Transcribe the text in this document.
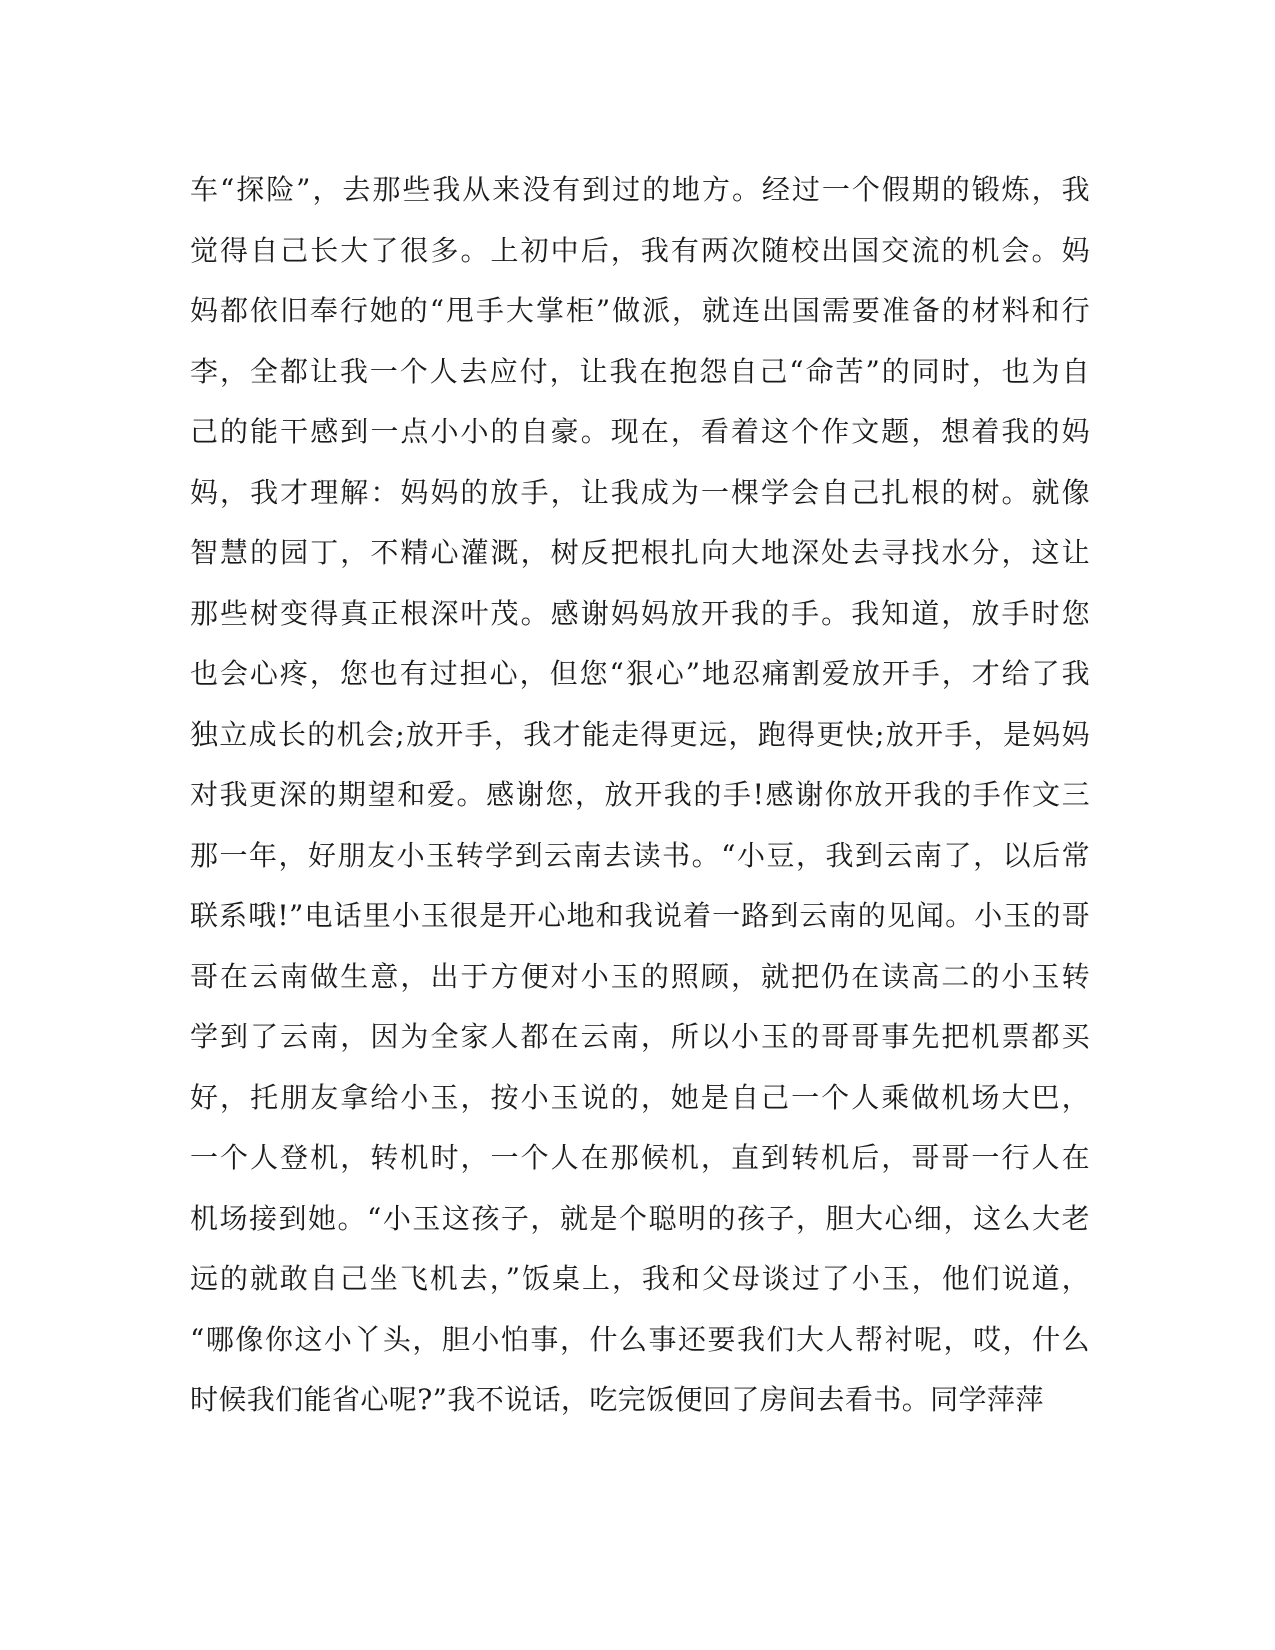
车“探险”，去那些我从来没有到过的地方。经过一个假期的锻炼，我
觉得自己长大了很多。上初中后，我有两次随校出国交流的机会。妈
妈都依旧奉行她的“甩手大掌柜”做派，就连出国需要准备的材料和行
李，全都让我一个人去应付，让我在抱怨自己“命苦”的同时，也为自
己的能干感到一点小小的自豪。现在，看着这个作文题，想着我的妈
妈，我才理解：妈妈的放手，让我成为一棵学会自己扎根的树。就像
智慧的园丁，不精心灌溉，树反把根扎向大地深处去寻找水分，这让
那些树变得真正根深叶茂。感谢妈妈放开我的手。我知道，放手时您
也会心疼，您也有过担心，但您“狠心”地忍痛割爱放开手，才给了我
独立成长的机会;放开手，我才能走得更远，跑得更快;放开手，是妈妈
对我更深的期望和爱。感谢您，放开我的手!感谢你放开我的手作文三
那一年，好朋友小玉转学到云南去读书。“小豆，我到云南了，以后常
联系哦!”电话里小玉很是开心地和我说着一路到云南的见闻。小玉的哥
哥在云南做生意，出于方便对小玉的照顾，就把仍在读高二的小玉转
学到了云南，因为全家人都在云南，所以小玉的哥哥事先把机票都买
好，托朋友拿给小玉，按小玉说的，她是自己一个人乘做机场大巴，
一个人登机，转机时，一个人在那候机，直到转机后，哥哥一行人在
机场接到她。“小玉这孩子，就是个聪明的孩子，胆大心细，这么大老
远的就敢自己坐飞机去，”饭桌上，我和父母谈过了小玉，他们说道，
“哪像你这小丫头，胆小怕事，什么事还要我们大人帮衬呢，哎，什么
时候我们能省心呢?”我不说话，吃完饭便回了房间去看书。同学萍萍
